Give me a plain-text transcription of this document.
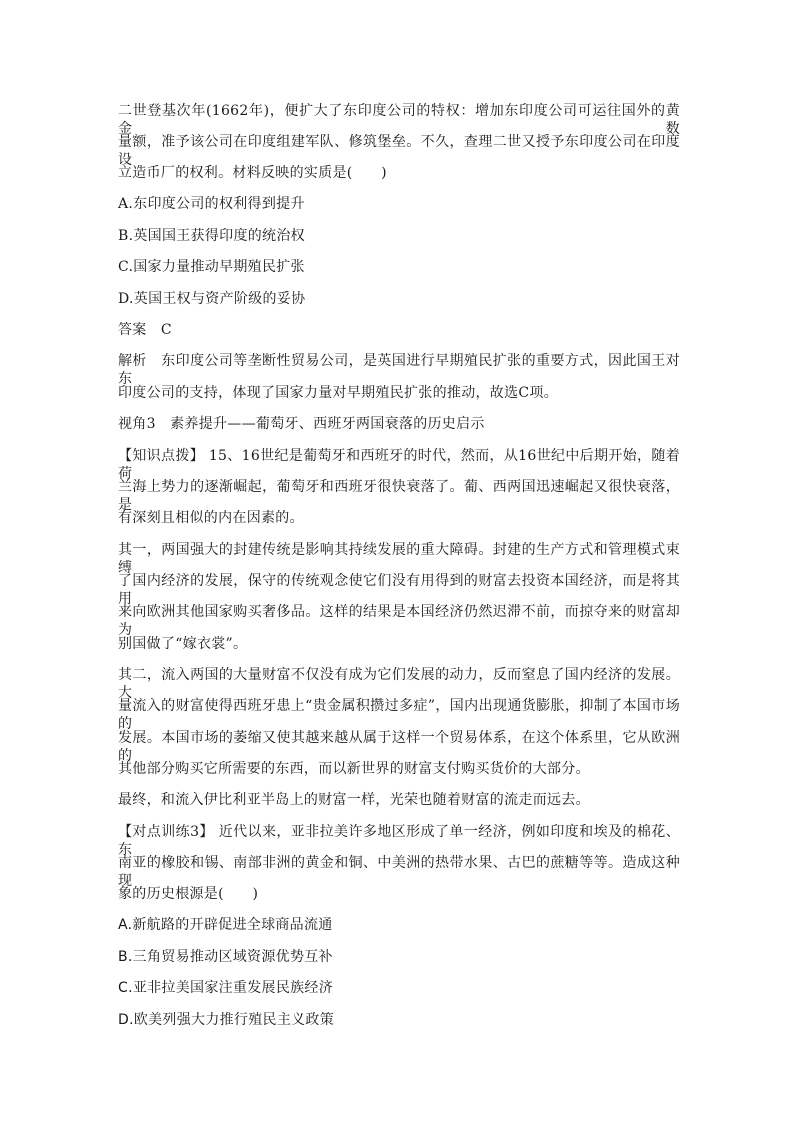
二世登基次年(1662年)，便扩大了东印度公司的特权：增加东印度公司可运往国外的黄金数
量额，准予该公司在印度组建军队、修筑堡垒。不久，查理二世又授予东印度公司在印度设
立造币厂的权利。材料反映的实质是(　　)
A.东印度公司的权利得到提升
B.英国国王获得印度的统治权
C.国家力量推动早期殖民扩张
D.英国王权与资产阶级的妥协
答案　C
解析　东印度公司等垄断性贸易公司，是英国进行早期殖民扩张的重要方式，因此国王对东
印度公司的支持，体现了国家力量对早期殖民扩张的推动，故选C项。
视角3　素养提升——葡萄牙、西班牙两国衰落的历史启示
【知识点拨】 15、16世纪是葡萄牙和西班牙的时代，然而，从16世纪中后期开始，随着荷
兰海上势力的逐渐崛起，葡萄牙和西班牙很快衰落了。葡、西两国迅速崛起又很快衰落，是
有深刻且相似的内在因素的。
其一，两国强大的封建传统是影响其持续发展的重大障碍。封建的生产方式和管理模式束缚
了国内经济的发展，保守的传统观念使它们没有用得到的财富去投资本国经济，而是将其用
来向欧洲其他国家购买奢侈品。这样的结果是本国经济仍然迟滞不前，而掠夺来的财富却为
别国做了“嫁衣裳”。
其二，流入两国的大量财富不仅没有成为它们发展的动力，反而窒息了国内经济的发展。大
量流入的财富使得西班牙患上“贵金属积攒过多症”，国内出现通货膨胀，抑制了本国市场的
发展。本国市场的萎缩又使其越来越从属于这样一个贸易体系，在这个体系里，它从欧洲的
其他部分购买它所需要的东西，而以新世界的财富支付购买货价的大部分。
最终，和流入伊比利亚半岛上的财富一样，光荣也随着财富的流走而远去。
【对点训练3】 近代以来，亚非拉美许多地区形成了单一经济，例如印度和埃及的棉花、东
南亚的橡胶和锡、南部非洲的黄金和铜、中美洲的热带水果、古巴的蔗糖等等。造成这种现
象的历史根源是(　　)
A.新航路的开辟促进全球商品流通
B.三角贸易推动区域资源优势互补
C.亚非拉美国家注重发展民族经济
D.欧美列强大力推行殖民主义政策
